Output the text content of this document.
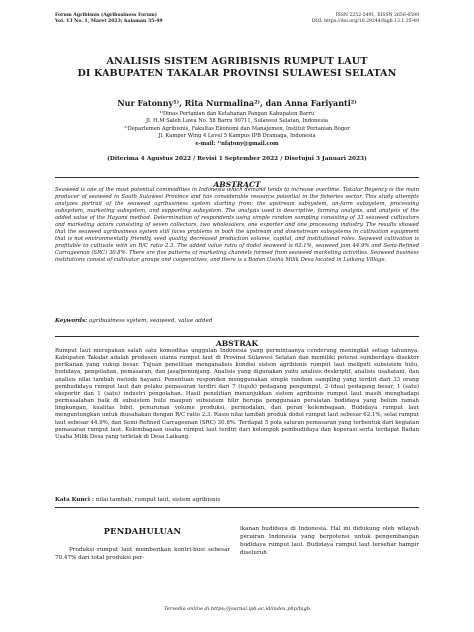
Forum Agribisnis (Agribusiness Forum)
Vol. 13 No. 1, Maret 2023; halaman 35-49
ISSN 2252-5491, EISSN 2656-4599
DOI: https://doi.org/10.29244/fagb.13.1.35-49
ANALISIS SISTEM AGRIBISNIS RUMPUT LAUT
DI KABUPATEN TAKALAR PROVINSI SULAWESI SELATAN
Nur Fatonny¹⁾, Rita Nurmalina²⁾, dan Anna Fariyanti²⁾
¹⁾Dinas Pertanian dan Ketahanan Pangan Kabupaten Barru
Jl. H.M Saleh Lawa No. 58 Barru 90711, Sulawesi Selatan, Indonesia
²⁾Departemen Agribisnis, Fakultas Ekonomi dan Manajemen, Institut Pertanian Bogor
Jl. Kamper Wing 4 Level 5 Kampus IPB Dramaga, Indonesia
e-mail: ¹⁾nfatony@gmail.com
(Diterima 4 Agustus 2022 / Revisi 1 September 2022 / Disetujui 3 Januari 2023)
ABSTRACT
Seaweed is one of the most potential commodities in Indonesia which demand tends to increase overtime. Takalar Regency is the main producer of seaweed in South Sulawesi Province and has considerable resource potential in the fisheries sector. This study attempts analyzes portrait of the seaweed agribusiness system starting from: the upstream subsystem, on-farm subsystem, processing subsystem, marketing subsystem, and supporting subsystem. The analysis used is descriptive, farming analysis, and analysis of the added value of the Hayami method. Determination of respondents using simple random sampling consisting of 33 seaweed cultivators and marketing actors consisting of seven collectors, two wholesalers, one exporter and one processing industry. The results showed that the seaweed agribusiness system still faces problems in both the upstream and downstream subsystems in cultivation equipment that is not environmentally friendly, seed quality, decreased production volume, capital, and institutional roles. Seaweed cultivation is profitable to cultivate with an R/C ratio 2.3. The added value ratio of dodol seaweed is 62.1%, seaweed jam 44.9% and Semi-Refined Carrageenan (SRC) 30.8%. There are five patterns of marketing channels formed from seaweed marketing activities. Seaweed business institutions consist of cultivator groups and cooperatives, and there is a Badan Usaha Milik Desa located in Laikang Village.
Keywords: agribusiness system, seaweed, value added
ABSTRAK
Rumput laut merupakan salah satu komoditas unggulan Indonesia yang permintaanya cenderung meningkat setiap tahunnya. Kabupaten Takalar adalah produsen utama rumput laut di Provinsi Sulawesi Selatan dan memiliki potensi sumberdaya disektor perikanan yang cukup besar. Tujuan penelitian menganalisis kondisi sistem agribisnis rumput laut meliputi subsistem hulu, budidaya, pengolahan, pemasaran, dan jasa/penunjang. Analisis yang digunakan yaitu analisis deskriptif, analisis usahatani, dan analisis nilai tambah metode hayami. Penentuan responden menggunakan simple random sampling yang terdiri dari 33 orang pembudidaya rumput laut dan pelaku pemasaran terdiri dari 7 (tujuh) pedagang pengumpul, 2 (dua) pedagang besar, 1 (satu) eksportir dan 1 (satu) industri pengolahan. Hasil penelitian menunjukkan sistem agribisnis rumput laut masih menghadapi permasalahan baik di subsistem hulu maupun subsistem hilir berupa penggunaan peralatan budidaya yang belum ramah lingkungan, kualitas bibit, penurunan volume produksi, permodalan, dan peran kelembagaan. Budidaya rumput laut menguntungkan untuk diusahakan dengan R/C ratio 2.3. Rasio nilai tambah produk dodol rumput laut sebesar 62.1%, selai rumput laut sebesar 44.9%, dan Semi-Refined Carrageenan (SRC) 30.8%. Terdapat 5 pola saluran pemasaran yang terbentuk dari kegiatan pemasaran rumput laut. Kelembagaan usaha rumput laut terdiri dari kelompok pembudidaya dan koperasi serta terdapat Badan Usaha Milik Desa yang terletak di Desa Laikang.
Kata Kunci : nilai tambah, rumput laut, sistem agribisnis
PENDAHULUAN
Produksi rumput laut memberikan kontri-busi sebesar 70.47% dari total produksi per-
ikanan budidaya di Indonesia. Hal ini didukung oleh wilayah perairan Indonesia yang berpotensi untuk pengembangan budidaya rumput laut. Budidaya rumput laut tersebar hampir diseluruh
Tersedia online di https://journal.ipb.ac.id/index.php/fagb
